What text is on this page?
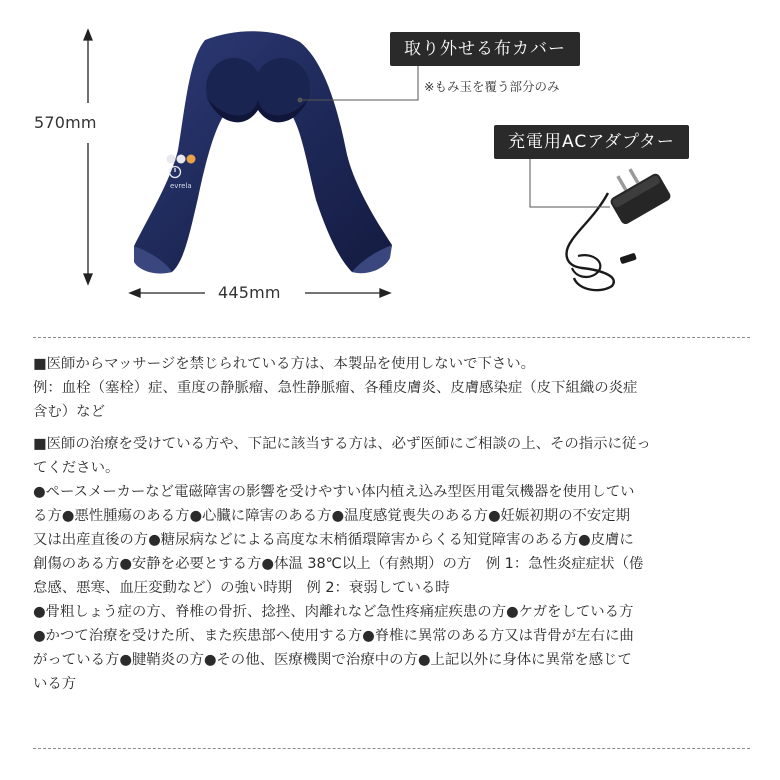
evrela
570mm
445mm
取り外せる布カバー
※もみ玉を覆う部分のみ
充電用ACアダプター

■医師からマッサージを禁じられている方は、本製品を使用しないで下さい。

例：血栓（塞栓）症、重度の静脈瘤、急性静脈瘤、各種皮膚炎、皮膚感染症（皮下組織の炎症

含む）など

■医師の治療を受けている方や、下記に該当する方は、必ず医師にご相談の上、その指示に従っ

てください。

●ペースメーカーなど電磁障害の影響を受けやすい体内植え込み型医用電気機器を使用してい

る方●悪性腫瘍のある方●心臓に障害のある方●温度感覚喪失のある方●妊娠初期の不安定期

又は出産直後の方●糖尿病などによる高度な末梢循環障害からくる知覚障害のある方●皮膚に

創傷のある方●安静を必要とする方●体温 38℃以上（有熱期）の方　例 1：急性炎症症状（倦

怠感、悪寒、血圧変動など）の強い時期　例 2：衰弱している時

●骨粗しょう症の方、脊椎の骨折、捻挫、肉離れなど急性疼痛症疾患の方●ケガをしている方

●かつて治療を受けた所、また疾患部へ使用する方●脊椎に異常のある方又は背骨が左右に曲

がっている方●腱鞘炎の方●その他、医療機関で治療中の方●上記以外に身体に異常を感じて

いる方
